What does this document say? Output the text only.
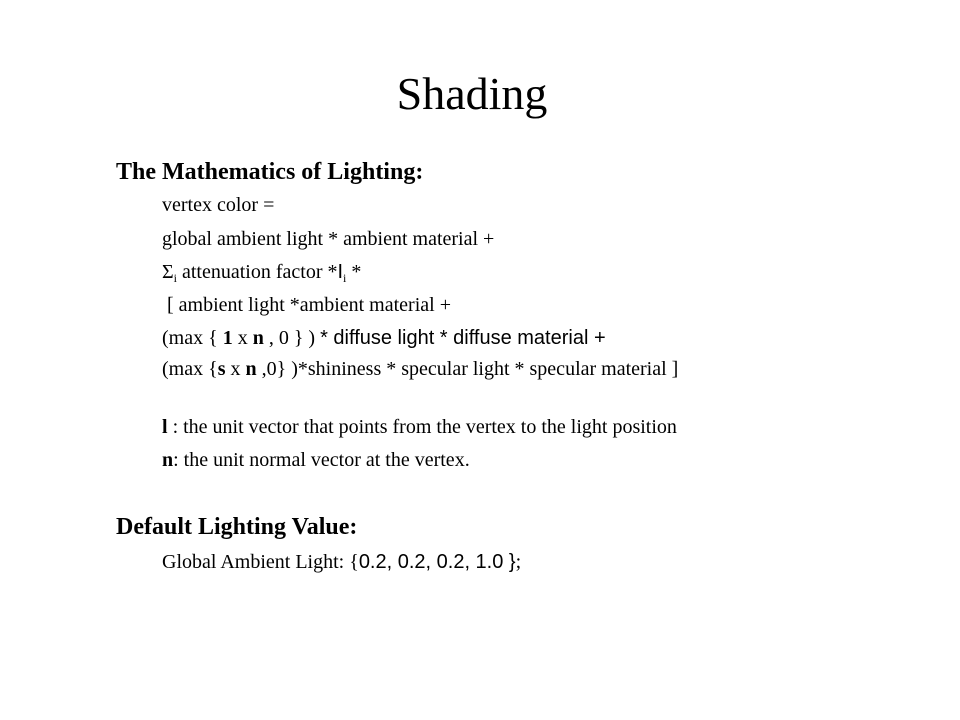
Shading
The Mathematics of Lighting:
vertex color =
global ambient light * ambient material +
$\Sigma_i$ attenuation factor $*I_i$ *
[ ambient light *ambient material +
(max { 1 x n , 0 } ) * diffuse light * diffuse material +
(max {s x n ,0} )*shininess * specular light * specular material ]
l : the unit vector that points from the vertex to the light position
n: the unit normal vector at the vertex.
Default Lighting Value:
Global Ambient Light: {0.2, 0.2, 0.2, 1.0 };
